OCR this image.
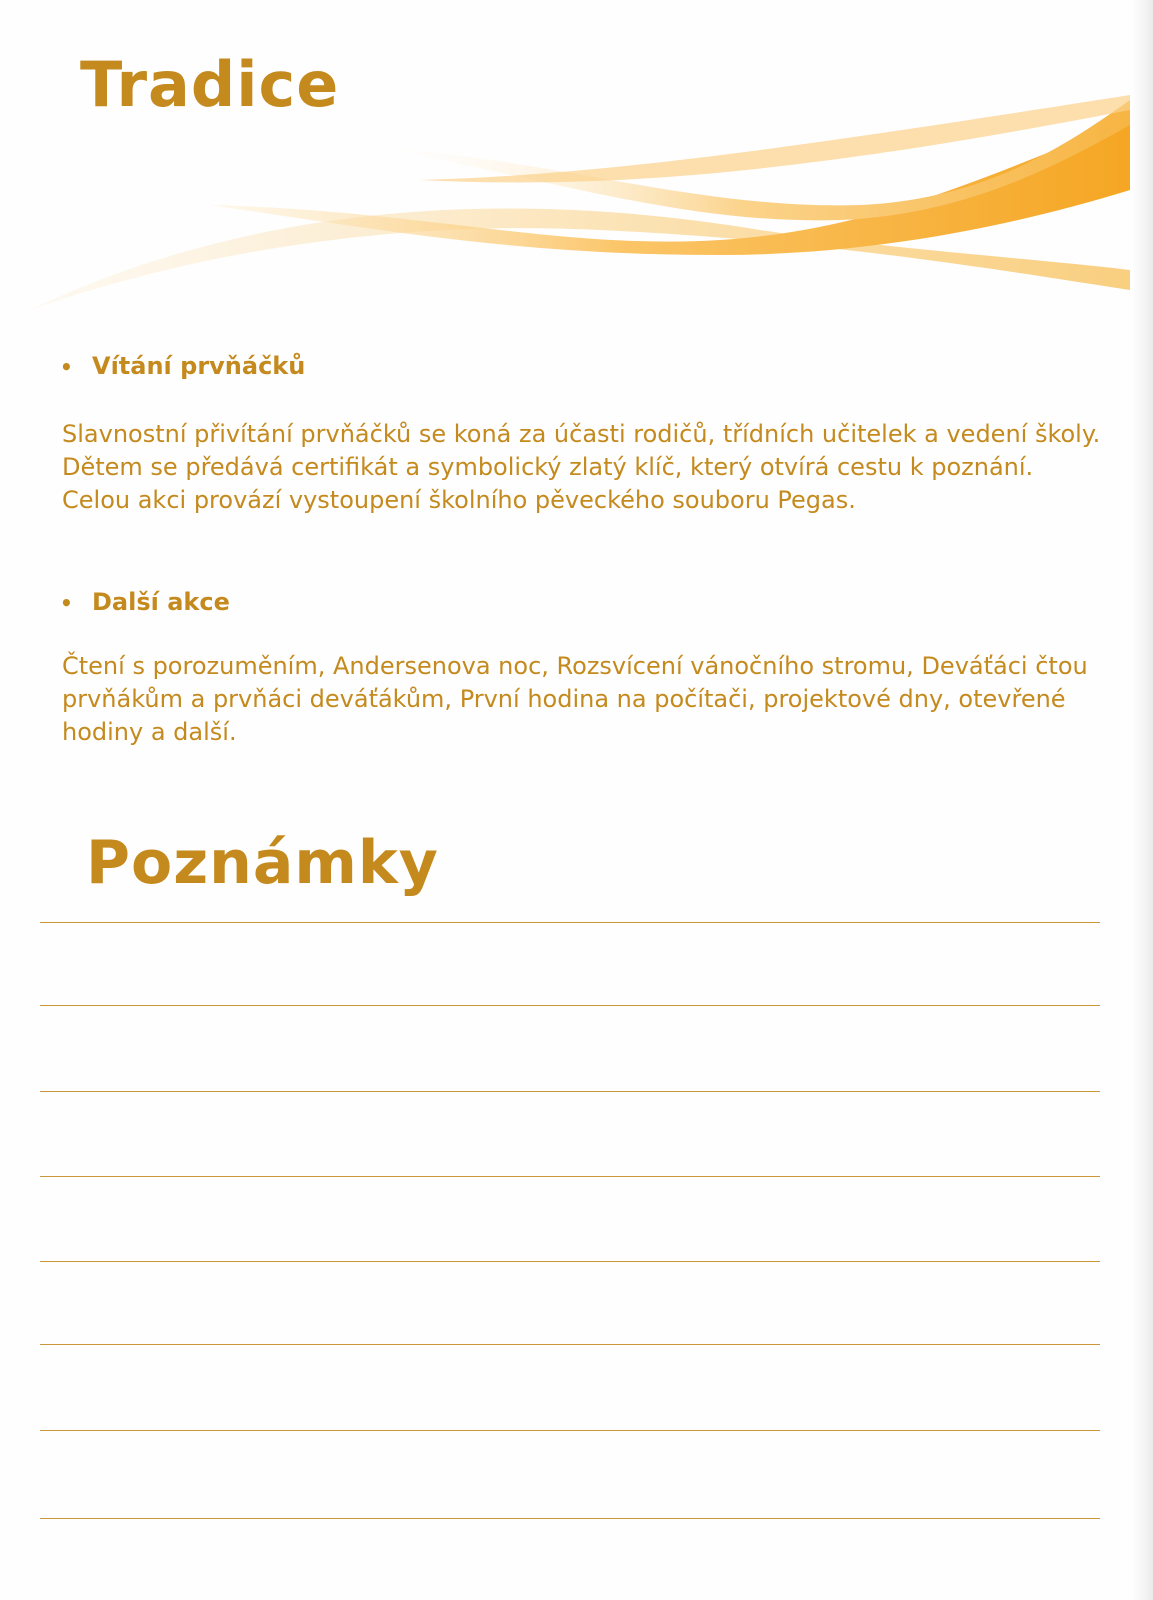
Tradice
• Vítání prvňáčků

Slavnostní přivítání prvňáčků se koná za účasti rodičů, třídních učitelek a vedení školy. Dětem se předává certifikát a symbolický zlatý klíč, který otvírá cestu k poznání. Celou akci provází vystoupení školního pěveckého souboru Pegas.

• Další akce

Čtení s porozuměním, Andersenova noc, Rozsvícení vánočního stromu, Deváťáci čtou prvňákům a prvňáci deváťákům, První hodina na počítači, projektové dny, otevřené hodiny a další.

Poznámky
